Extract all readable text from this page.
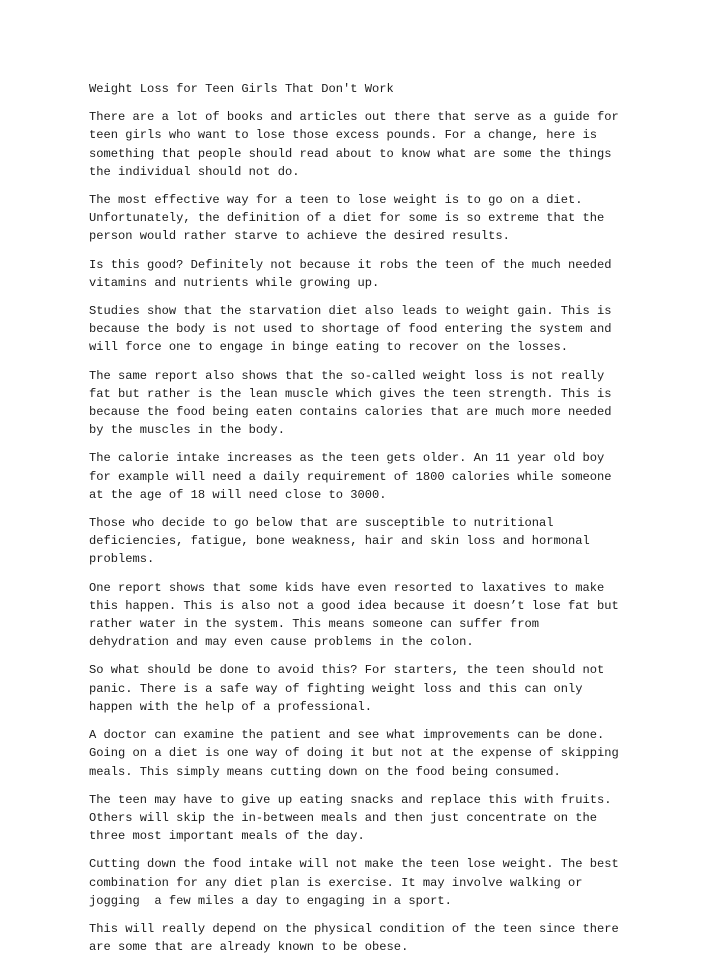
Weight Loss for Teen Girls That Don't Work
There are a lot of books and articles out there that serve as a guide for
teen girls who want to lose those excess pounds. For a change, here is
something that people should read about to know what are some the things
the individual should not do.
The most effective way for a teen to lose weight is to go on a diet.
Unfortunately, the definition of a diet for some is so extreme that the
person would rather starve to achieve the desired results.
Is this good? Definitely not because it robs the teen of the much needed
vitamins and nutrients while growing up.
Studies show that the starvation diet also leads to weight gain. This is
because the body is not used to shortage of food entering the system and
will force one to engage in binge eating to recover on the losses.
The same report also shows that the so-called weight loss is not really
fat but rather is the lean muscle which gives the teen strength. This is
because the food being eaten contains calories that are much more needed
by the muscles in the body.
The calorie intake increases as the teen gets older. An 11 year old boy
for example will need a daily requirement of 1800 calories while someone
at the age of 18 will need close to 3000.
Those who decide to go below that are susceptible to nutritional
deficiencies, fatigue, bone weakness, hair and skin loss and hormonal
problems.
One report shows that some kids have even resorted to laxatives to make
this happen. This is also not a good idea because it doesn’t lose fat but
rather water in the system. This means someone can suffer from
dehydration and may even cause problems in the colon.
So what should be done to avoid this? For starters, the teen should not
panic. There is a safe way of fighting weight loss and this can only
happen with the help of a professional.
A doctor can examine the patient and see what improvements can be done.
Going on a diet is one way of doing it but not at the expense of skipping
meals. This simply means cutting down on the food being consumed.
The teen may have to give up eating snacks and replace this with fruits.
Others will skip the in-between meals and then just concentrate on the
three most important meals of the day.
Cutting down the food intake will not make the teen lose weight. The best
combination for any diet plan is exercise. It may involve walking or
jogging  a few miles a day to engaging in a sport.
This will really depend on the physical condition of the teen since there
are some that are already known to be obese.
